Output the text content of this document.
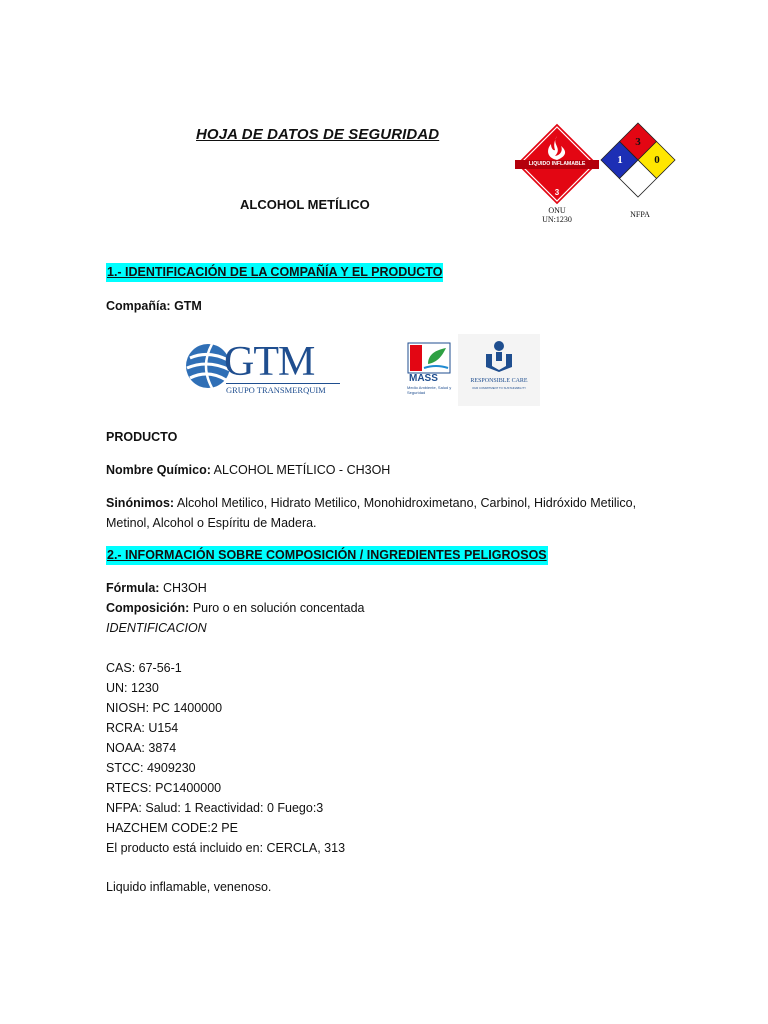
HOJA DE DATOS DE SEGURIDAD
ALCOHOL METÍLICO
3
LIQUIDO INFLAMABLE
ONU
UN:1230
3
1	0
NFPA
1.- IDENTIFICACIÓN DE LA COMPAÑÍA Y EL PRODUCTO
Compañía: GTM
GTM
GRUPO TRANSMERQUIM
MASS
Medio Ambiente, Salud y Seguridad
RESPONSIBLE CARE
OUR COMMITMENT TO SUSTAINABILITY
PRODUCTO
Nombre Químico: ALCOHOL METÍLICO - CH3OH
Sinónimos: Alcohol Metilico, Hidrato Metilico, Monohidroximetano, Carbinol, Hidróxido Metilico,
Metinol, Alcohol o Espíritu de Madera.
2.- INFORMACIÓN SOBRE COMPOSICIÓN / INGREDIENTES PELIGROSOS
Fórmula: CH3OH
Composición: Puro o en solución concentada
IDENTIFICACION
CAS: 67-56-1
UN: 1230
NIOSH: PC 1400000
RCRA: U154
NOAA: 3874
STCC: 4909230
RTECS: PC1400000
NFPA: Salud: 1 Reactividad: 0 Fuego:3
HAZCHEM CODE:2 PE
El producto está incluido en: CERCLA, 313
Liquido inflamable, venenoso.
